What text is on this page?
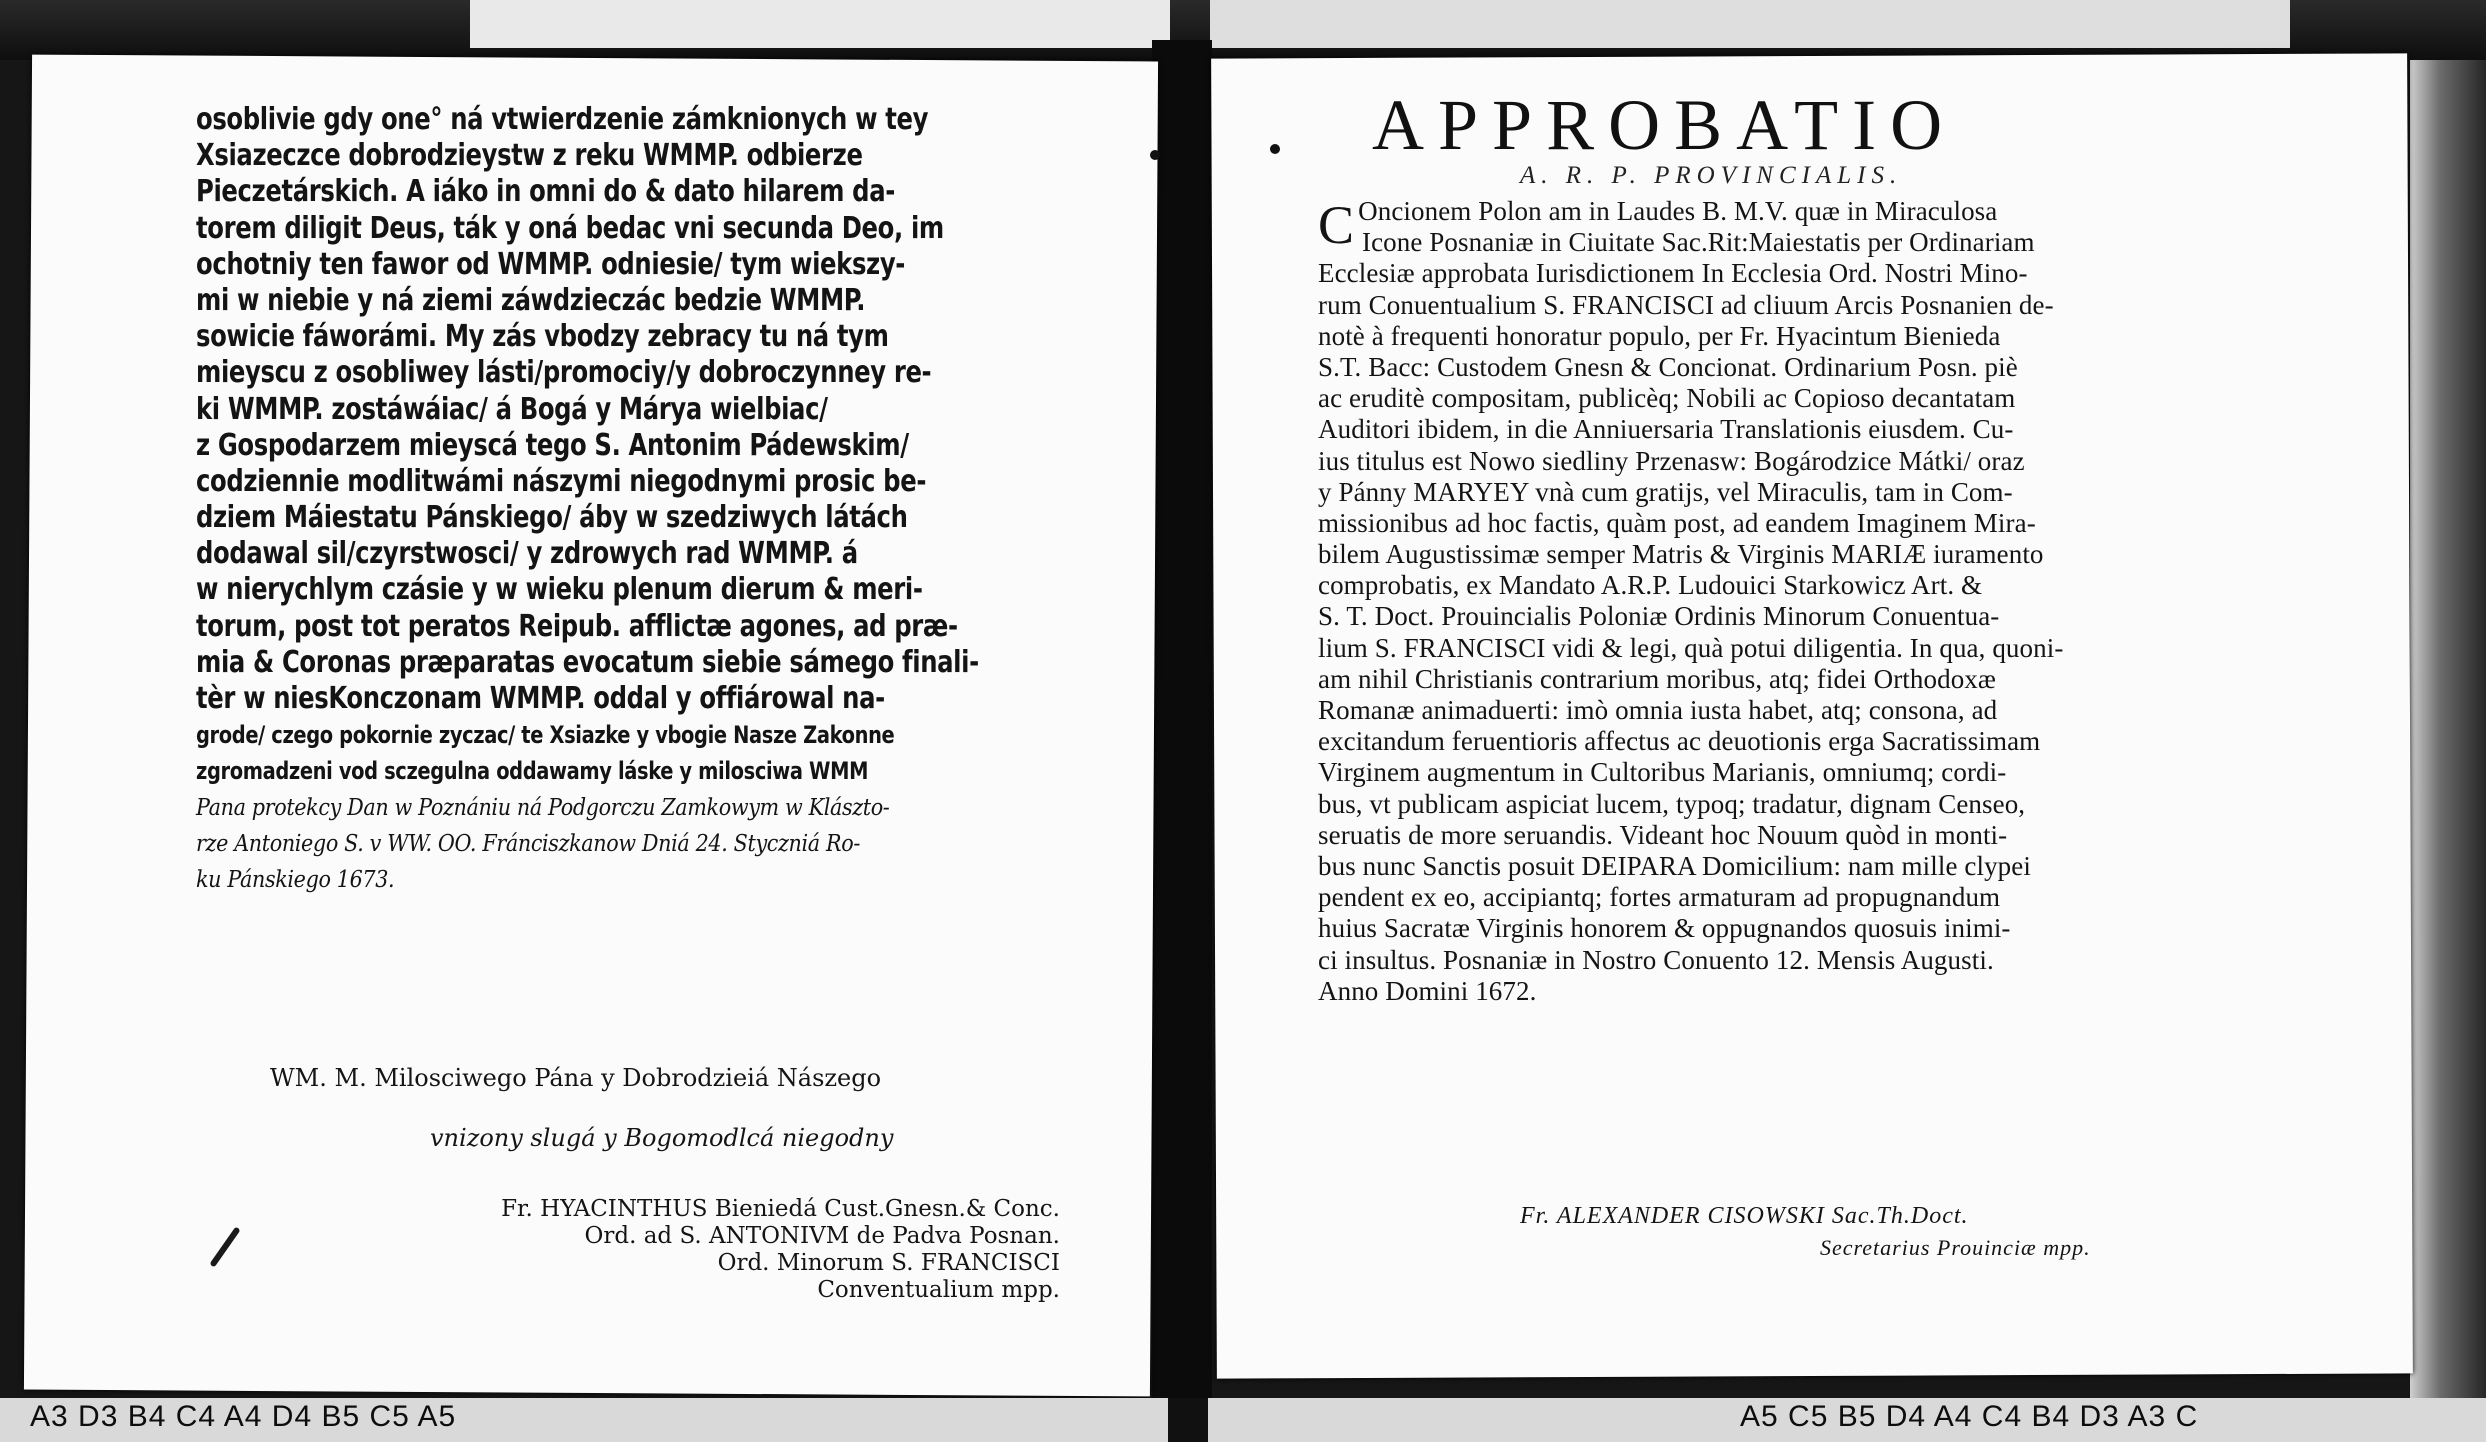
osoblivie gdy one° ná vtwierdzenie zámknionych w tey
Xsiazeczce dobrodzieystw z reku WMMP. odbierze
Pieczetárskich. A iáko in omni do & dato hilarem da-
torem diligit Deus, ták y oná bedac vni secunda Deo, im
ochotniy ten fawor od WMMP. odniesie/ tym wiekszy-
mi w niebie y ná ziemi záwdzieczác bedzie WMMP.
sowicie fáworámi. My zás vbodzy zebracy tu ná tym
mieyscu z osobliwey lásti/promociy/y dobroczynney re-
ki WMMP. zostáwáiac/ á Bogá y Márya wielbiac/
z Gospodarzem mieyscá tego S. Antonim Pádewskim/
codziennie modlitwámi nászymi niegodnymi prosic be-
dziem Máiestatu Pánskiego/ áby w szedziwych látách
dodawal sil/czyrstwosci/ y zdrowych rad WMMP. á
w nierychlym czásie y w wieku plenum dierum & meri-
torum, post tot peratos Reipub. afflictæ agones, ad præ-
mia & Coronas præparatas evocatum siebie sámego finali-
tèr w niesKonczonam WMMP. oddal y offiárowal na-
grode/ czego pokornie zyczac/ te Xsiazke y vbogie Nasze Zakonne
zgromadzeni vod sczegulna oddawamy láske y milosciwa WMM
Pana protekcy Dan w Poznániu ná Podgorczu Zamkowym w Klászto-
rze Antoniego S. v WW. OO. Fránciszkanow Dniá 24. Styczniá Ro-
ku Pánskiego 1673.
WM. M. Milosciwego Pána y Dobrodzieiá Nászego
vnizony slugá y Bogomodlcá niegodny
Fr. HYACINTHUS Bieniedá Cust.Gnesn.& Conc.
Ord. ad S. ANTONIVM de Padva Posnan.
Ord. Minorum S. FRANCISCI
Conventualium mpp.
APPROBATIO
A. R. P. PROVINCIALIS.
C Oncionem Polon am in Laudes B. M.V. quæ in Miraculosa
Icone Posnaniæ in Ciuitate Sac.Rit:Maiestatis per Ordinariam
Ecclesiæ approbata Iurisdictionem In Ecclesia Ord. Nostri Mino-
rum Conuentualium S. FRANCISCI ad cliuum Arcis Posnanien de-
notè à frequenti honoratur populo, per Fr. Hyacintum Bienieda
S.T. Bacc: Custodem Gnesn & Concionat. Ordinarium Posn. piè
ac eruditè compositam, publicèq; Nobili ac Copioso decantatam
Auditori ibidem, in die Anniuersaria Translationis eiusdem. Cu-
ius titulus est Nowo siedliny Przenasw: Bogárodzice Mátki/ oraz
y Pánny MARYEY vnà cum gratijs, vel Miraculis, tam in Com-
missionibus ad hoc factis, quàm post, ad eandem Imaginem Mira-
bilem Augustissimæ semper Matris & Virginis MARIÆ iuramento
comprobatis, ex Mandato A.R.P. Ludouici Starkowicz Art. &
S. T. Doct. Prouincialis Poloniæ Ordinis Minorum Conuentua-
lium S. FRANCISCI vidi & legi, quà potui diligentia. In qua, quoni-
am nihil Christianis contrarium moribus, atq; fidei Orthodoxæ
Romanæ animaduerti: imò omnia iusta habet, atq; consona, ad
excitandum feruentioris affectus ac deuotionis erga Sacratissimam
Virginem augmentum in Cultoribus Marianis, omniumq; cordi-
bus, vt publicam aspiciat lucem, typoq; tradatur, dignam Censeo,
seruatis de more seruandis. Videant hoc Nouum quòd in monti-
bus nunc Sanctis posuit DEIPARA Domicilium: nam mille clypei
pendent ex eo, accipiantq; fortes armaturam ad propugnandum
huius Sacratæ Virginis honorem & oppugnandos quosuis inimi-
ci insultus. Posnaniæ in Nostro Conuento 12. Mensis Augusti.
Anno Domini 1672.
Fr. ALEXANDER CISOWSKI Sac.Th.Doct.
Secretarius Prouinciæ mpp.
A3 D3 B4 C4 A4 D4 B5 C5 A5	A5 C5 B5 D4 A4 C4 B4 D3 A3 C
